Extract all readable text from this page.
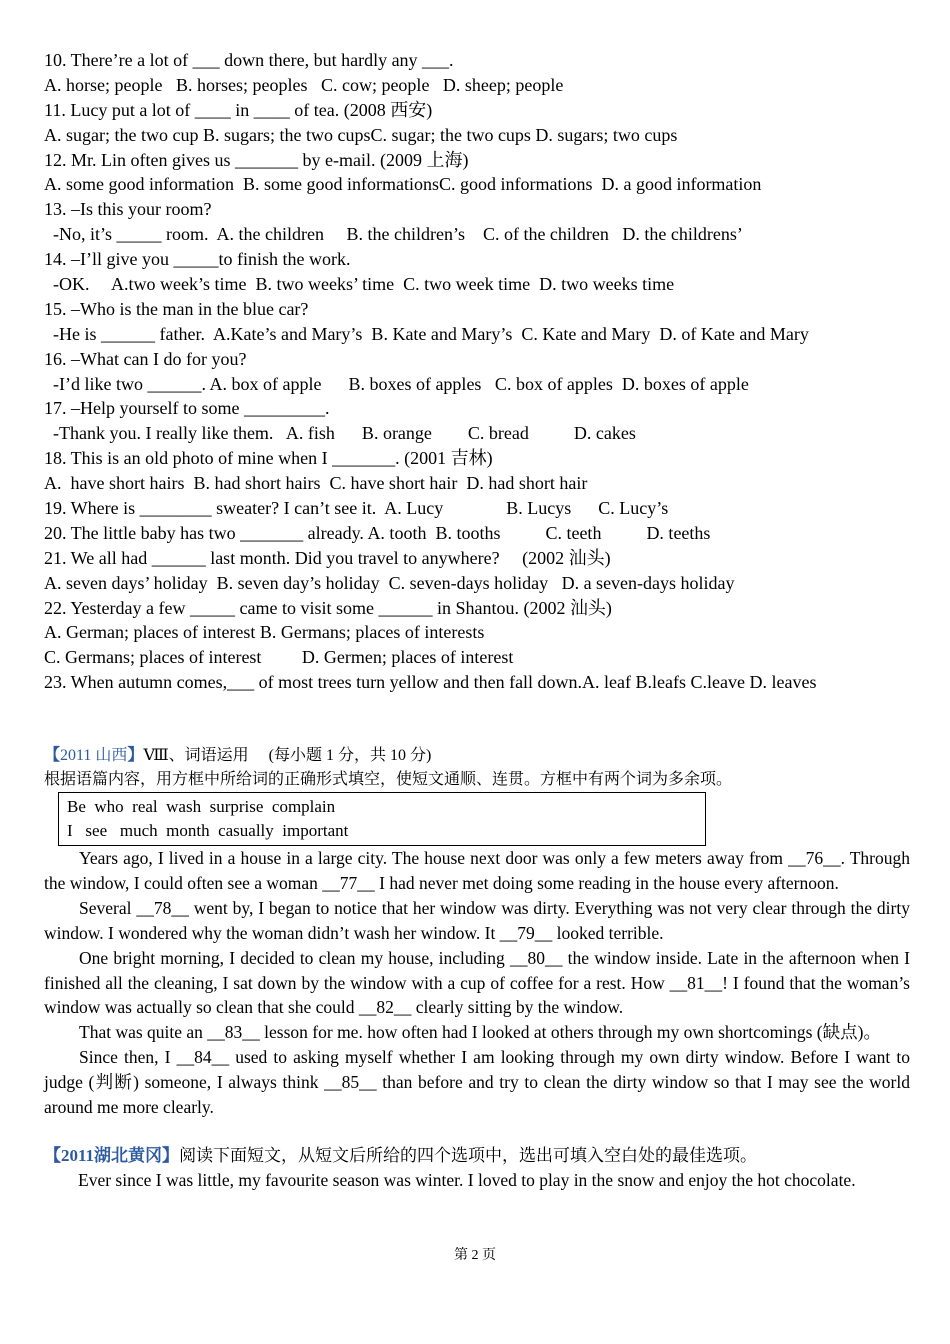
10. There’re a lot of ___ down there, but hardly any ___.
A. horse; people   B. horses; peoples   C. cow; people   D. sheep; people
11. Lucy put a lot of ____ in ____ of tea. (2008 西安)
A. sugar; the two cup B. sugars; the two cupsC. sugar; the two cups D. sugars; two cups
12. Mr. Lin often gives us _______ by e-mail. (2009 上海)
A. some good information  B. some good informationsC. good informations  D. a good information
13. –Is this your room?
-No, it’s _____ room.  A. the children     B. the children’s    C. of the children   D. the childrens’
14. –I’ll give you _____to finish the work.
-OK.     A.two week’s time  B. two weeks’ time  C. two week time  D. two weeks time
15. –Who is the man in the blue car?
-He is ______ father.  A.Kate’s and Mary’s  B. Kate and Mary’s  C. Kate and Mary  D. of Kate and Mary
16. –What can I do for you?
-I’d like two ______. A. box of apple      B. boxes of apples   C. box of apples  D. boxes of apple
17. –Help yourself to some _________.
-Thank you. I really like them.   A. fish      B. orange        C. bread          D. cakes
18. This is an old photo of mine when I _______. (2001 吉林)
A.  have short hairs  B. had short hairs  C. have short hair  D. had short hair
19. Where is ________ sweater? I can’t see it.  A. Lucy              B. Lucys      C. Lucy’s
20. The little baby has two _______ already. A. tooth  B. tooths          C. teeth          D. teeths
21. We all had ______ last month. Did you travel to anywhere?     (2002 汕头)
A. seven days’ holiday  B. seven day’s holiday  C. seven-days holiday   D. a seven-days holiday
22. Yesterday a few _____ came to visit some ______ in Shantou. (2002 汕头)
A. German; places of interest B. Germans; places of interests
C. Germans; places of interest         D. Germen; places of interest
23. When autumn comes,___ of most trees turn yellow and then fall down.A. leaf B.leafs C.leave D. leaves
【2011 山西】Ⅷ、词语运用     (每小题 1 分，共 10 分)
根据语篇内容，用方框中所给词的正确形式填空，使短文通顺、连贯。方框中有两个词为多余项。
Be  who  real  wash  surprise  complain
I   see   much  month  casually  important

Years ago, I lived in a house in a large city. The house next door was only a few meters away from __76__. Through the window, I could often see a woman __77__ I had never met doing some reading in the house every afternoon.

Several __78__ went by, I began to notice that her window was dirty. Everything was not very clear through the dirty window. I wondered why the woman didn’t wash her window. It __79__ looked terrible.

One bright morning, I decided to clean my house, including __80__ the window inside. Late in the afternoon when I finished all the cleaning, I sat down by the window with a cup of coffee for a rest. How __81__! I found that the woman’s window was actually so clean that she could __82__ clearly sitting by the window.

That was quite an __83__ lesson for me. how often had I looked at others through my own shortcomings (缺点)。

Since then, I __84__ used to asking myself whether I am looking through my own dirty window. Before I want to judge (判断) someone, I always think __85__ than before and try to clean the dirty window so that I may see the world around me more clearly.

【2011湖北黄冈】阅读下面短文，从短文后所给的四个选项中，选出可填入空白处的最佳选项。

Ever since I was little, my favourite season was winter. I loved to play in the snow and enjoy the hot chocolate.

第 2 页
